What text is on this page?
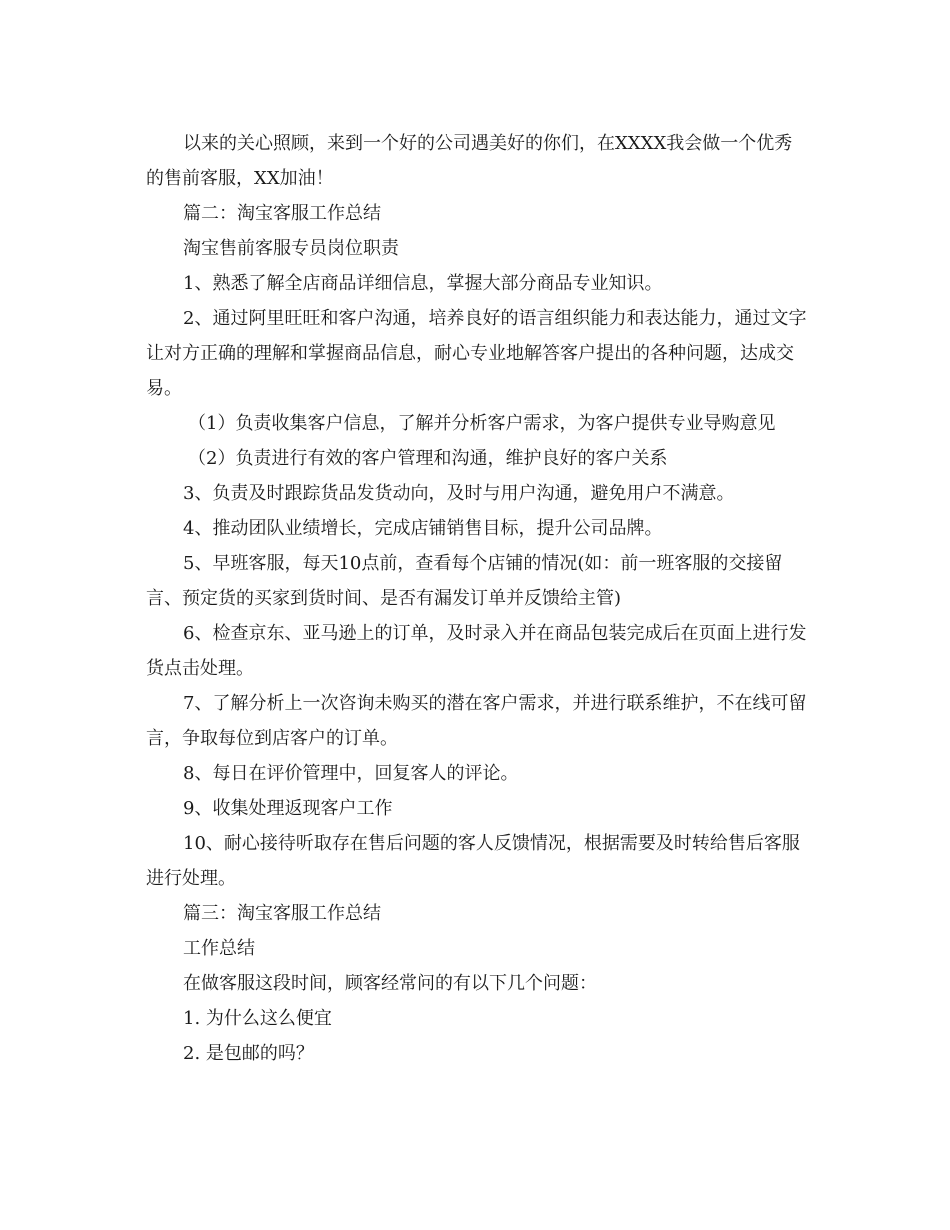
以来的关心照顾，来到一个好的公司遇美好的你们，在XXXX我会做一个优秀的售前客服，XX加油！

篇二：淘宝客服工作总结

淘宝售前客服专员岗位职责

1、熟悉了解全店商品详细信息，掌握大部分商品专业知识。

2、通过阿里旺旺和客户沟通，培养良好的语言组织能力和表达能力，通过文字让对方正确的理解和掌握商品信息，耐心专业地解答客户提出的各种问题，达成交易。

（1）负责收集客户信息，了解并分析客户需求，为客户提供专业导购意见

（2）负责进行有效的客户管理和沟通，维护良好的客户关系

3、负责及时跟踪货品发货动向，及时与用户沟通，避免用户不满意。

4、推动团队业绩增长，完成店铺销售目标，提升公司品牌。

5、早班客服，每天10点前，查看每个店铺的情况(如：前一班客服的交接留言、预定货的买家到货时间、是否有漏发订单并反馈给主管)

6、检查京东、亚马逊上的订单，及时录入并在商品包装完成后在页面上进行发货点击处理。

7、了解分析上一次咨询未购买的潜在客户需求，并进行联系维护，不在线可留言，争取每位到店客户的订单。

8、每日在评价管理中，回复客人的评论。

9、收集处理返现客户工作

10、耐心接待听取存在售后问题的客人反馈情况，根据需要及时转给售后客服进行处理。

篇三：淘宝客服工作总结

工作总结

在做客服这段时间，顾客经常问的有以下几个问题：

1. 为什么这么便宜

2. 是包邮的吗？
